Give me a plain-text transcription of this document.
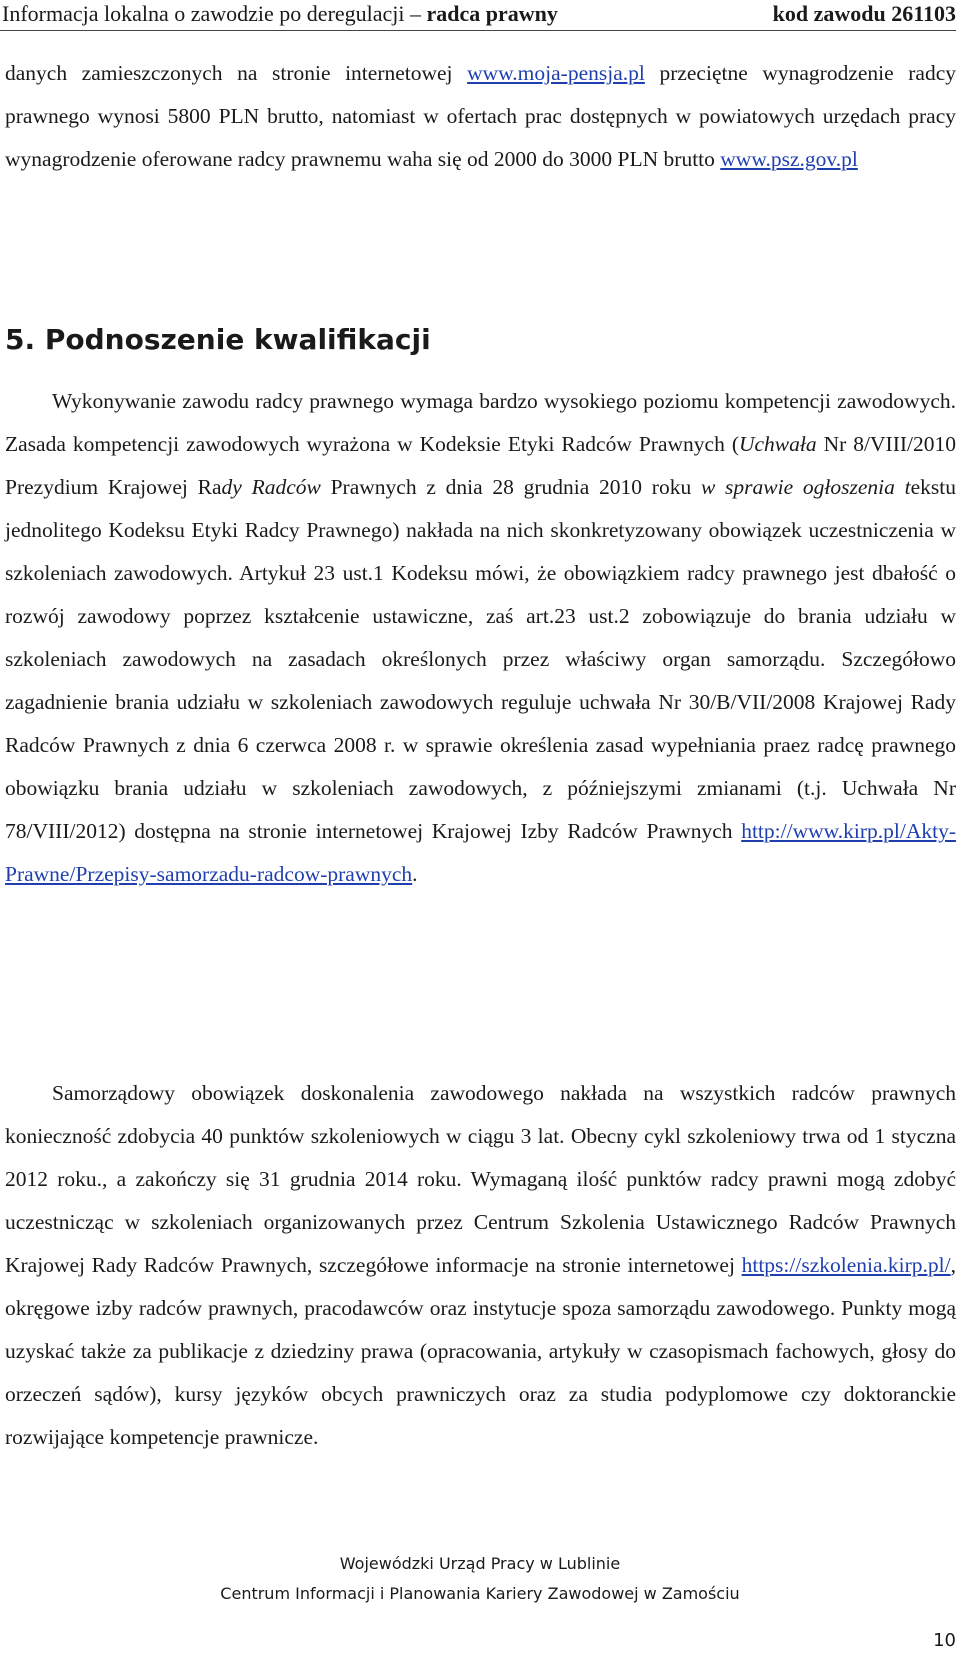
Informacja lokalna o zawodzie po deregulacji – radca prawny	kod zawodu 261103

danych zamieszczonych na stronie internetowej www.moja-pensja.pl przeciętne wynagrodzenie radcy prawnego wynosi 5800 PLN brutto, natomiast w ofertach prac dostępnych w powiatowych urzędach pracy wynagrodzenie oferowane radcy prawnemu waha się od 2000 do 3000 PLN brutto www.psz.gov.pl

5. Podnoszenie kwalifikacji

Wykonywanie zawodu radcy prawnego wymaga bardzo wysokiego poziomu kompetencji zawodowych. Zasada kompetencji zawodowych wyrażona w Kodeksie Etyki Radców Prawnych (Uchwała Nr 8/VIII/2010 Prezydium Krajowej Rady Radców Prawnych z dnia 28 grudnia 2010 roku w sprawie ogłoszenia tekstu jednolitego Kodeksu Etyki Radcy Prawnego) nakłada na nich skonkretyzowany obowiązek uczestniczenia w szkoleniach zawodowych. Artykuł 23 ust.1 Kodeksu mówi, że obowiązkiem radcy prawnego jest dbałość o rozwój zawodowy poprzez kształcenie ustawiczne, zaś art.23 ust.2 zobowiązuje do brania udziału w szkoleniach zawodowych na zasadach określonych przez właściwy organ samorządu. Szczegółowo zagadnienie brania udziału w szkoleniach zawodowych reguluje uchwała Nr 30/B/VII/2008 Krajowej Rady Radców Prawnych z dnia 6 czerwca 2008 r. w sprawie określenia zasad wypełniania praez radcę prawnego obowiązku brania udziału w szkoleniach zawodowych, z późniejszymi zmianami (t.j. Uchwała Nr 78/VIII/2012) dostępna na stronie internetowej Krajowej Izby Radców Prawnych http://www.kirp.pl/Akty-Prawne/Przepisy-samorzadu-radcow-prawnych.

Samorządowy obowiązek doskonalenia zawodowego nakłada na wszystkich radców prawnych konieczność zdobycia 40 punktów szkoleniowych w ciągu 3 lat. Obecny cykl szkoleniowy trwa od 1 styczna 2012 roku., a zakończy się 31 grudnia 2014 roku. Wymaganą ilość punktów radcy prawni mogą zdobyć uczestnicząc w szkoleniach organizowanych przez Centrum Szkolenia Ustawicznego Radców Prawnych Krajowej Rady Radców Prawnych, szczegółowe informacje na stronie internetowej https://szkolenia.kirp.pl/, okręgowe izby radców prawnych, pracodawców oraz instytucje spoza samorządu zawodowego. Punkty mogą uzyskać także za publikacje z dziedziny prawa (opracowania, artykuły w czasopismach fachowych, głosy do orzeczeń sądów), kursy języków obcych prawniczych oraz za studia podyplomowe czy doktoranckie rozwijające kompetencje prawnicze.

Wojewódzki Urząd Pracy w Lublinie
Centrum Informacji i Planowania Kariery Zawodowej w Zamościu
10
